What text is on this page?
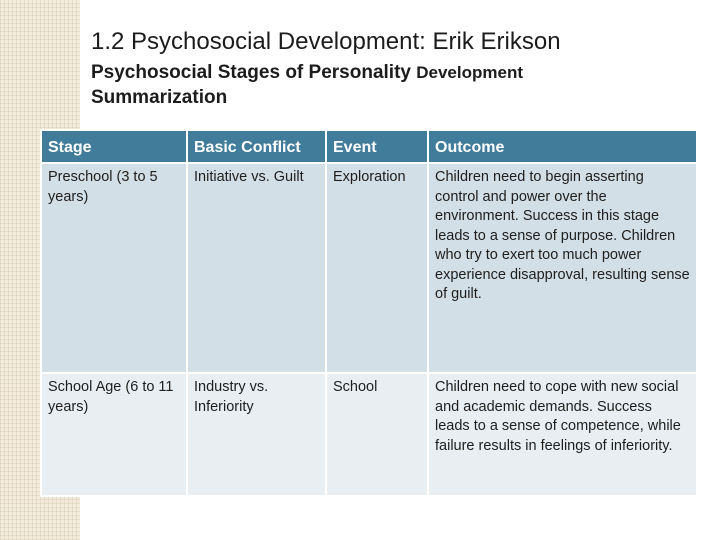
1.2 Psychosocial Development: Erik Erikson
Psychosocial Stages of Personality Development
Summarization
Stage	Basic Conflict	Event	Outcome
Preschool (3 to 5 years)	Initiative vs. Guilt	Exploration	Children need to begin asserting control and power over the environment. Success in this stage leads to a sense of purpose. Children who try to exert too much power experience disapproval, resulting sense of guilt.
School Age (6 to 11 years)	Industry vs. Inferiority	School	Children need to cope with new social and academic demands. Success leads to a sense of competence, while failure results in feelings of inferiority.
